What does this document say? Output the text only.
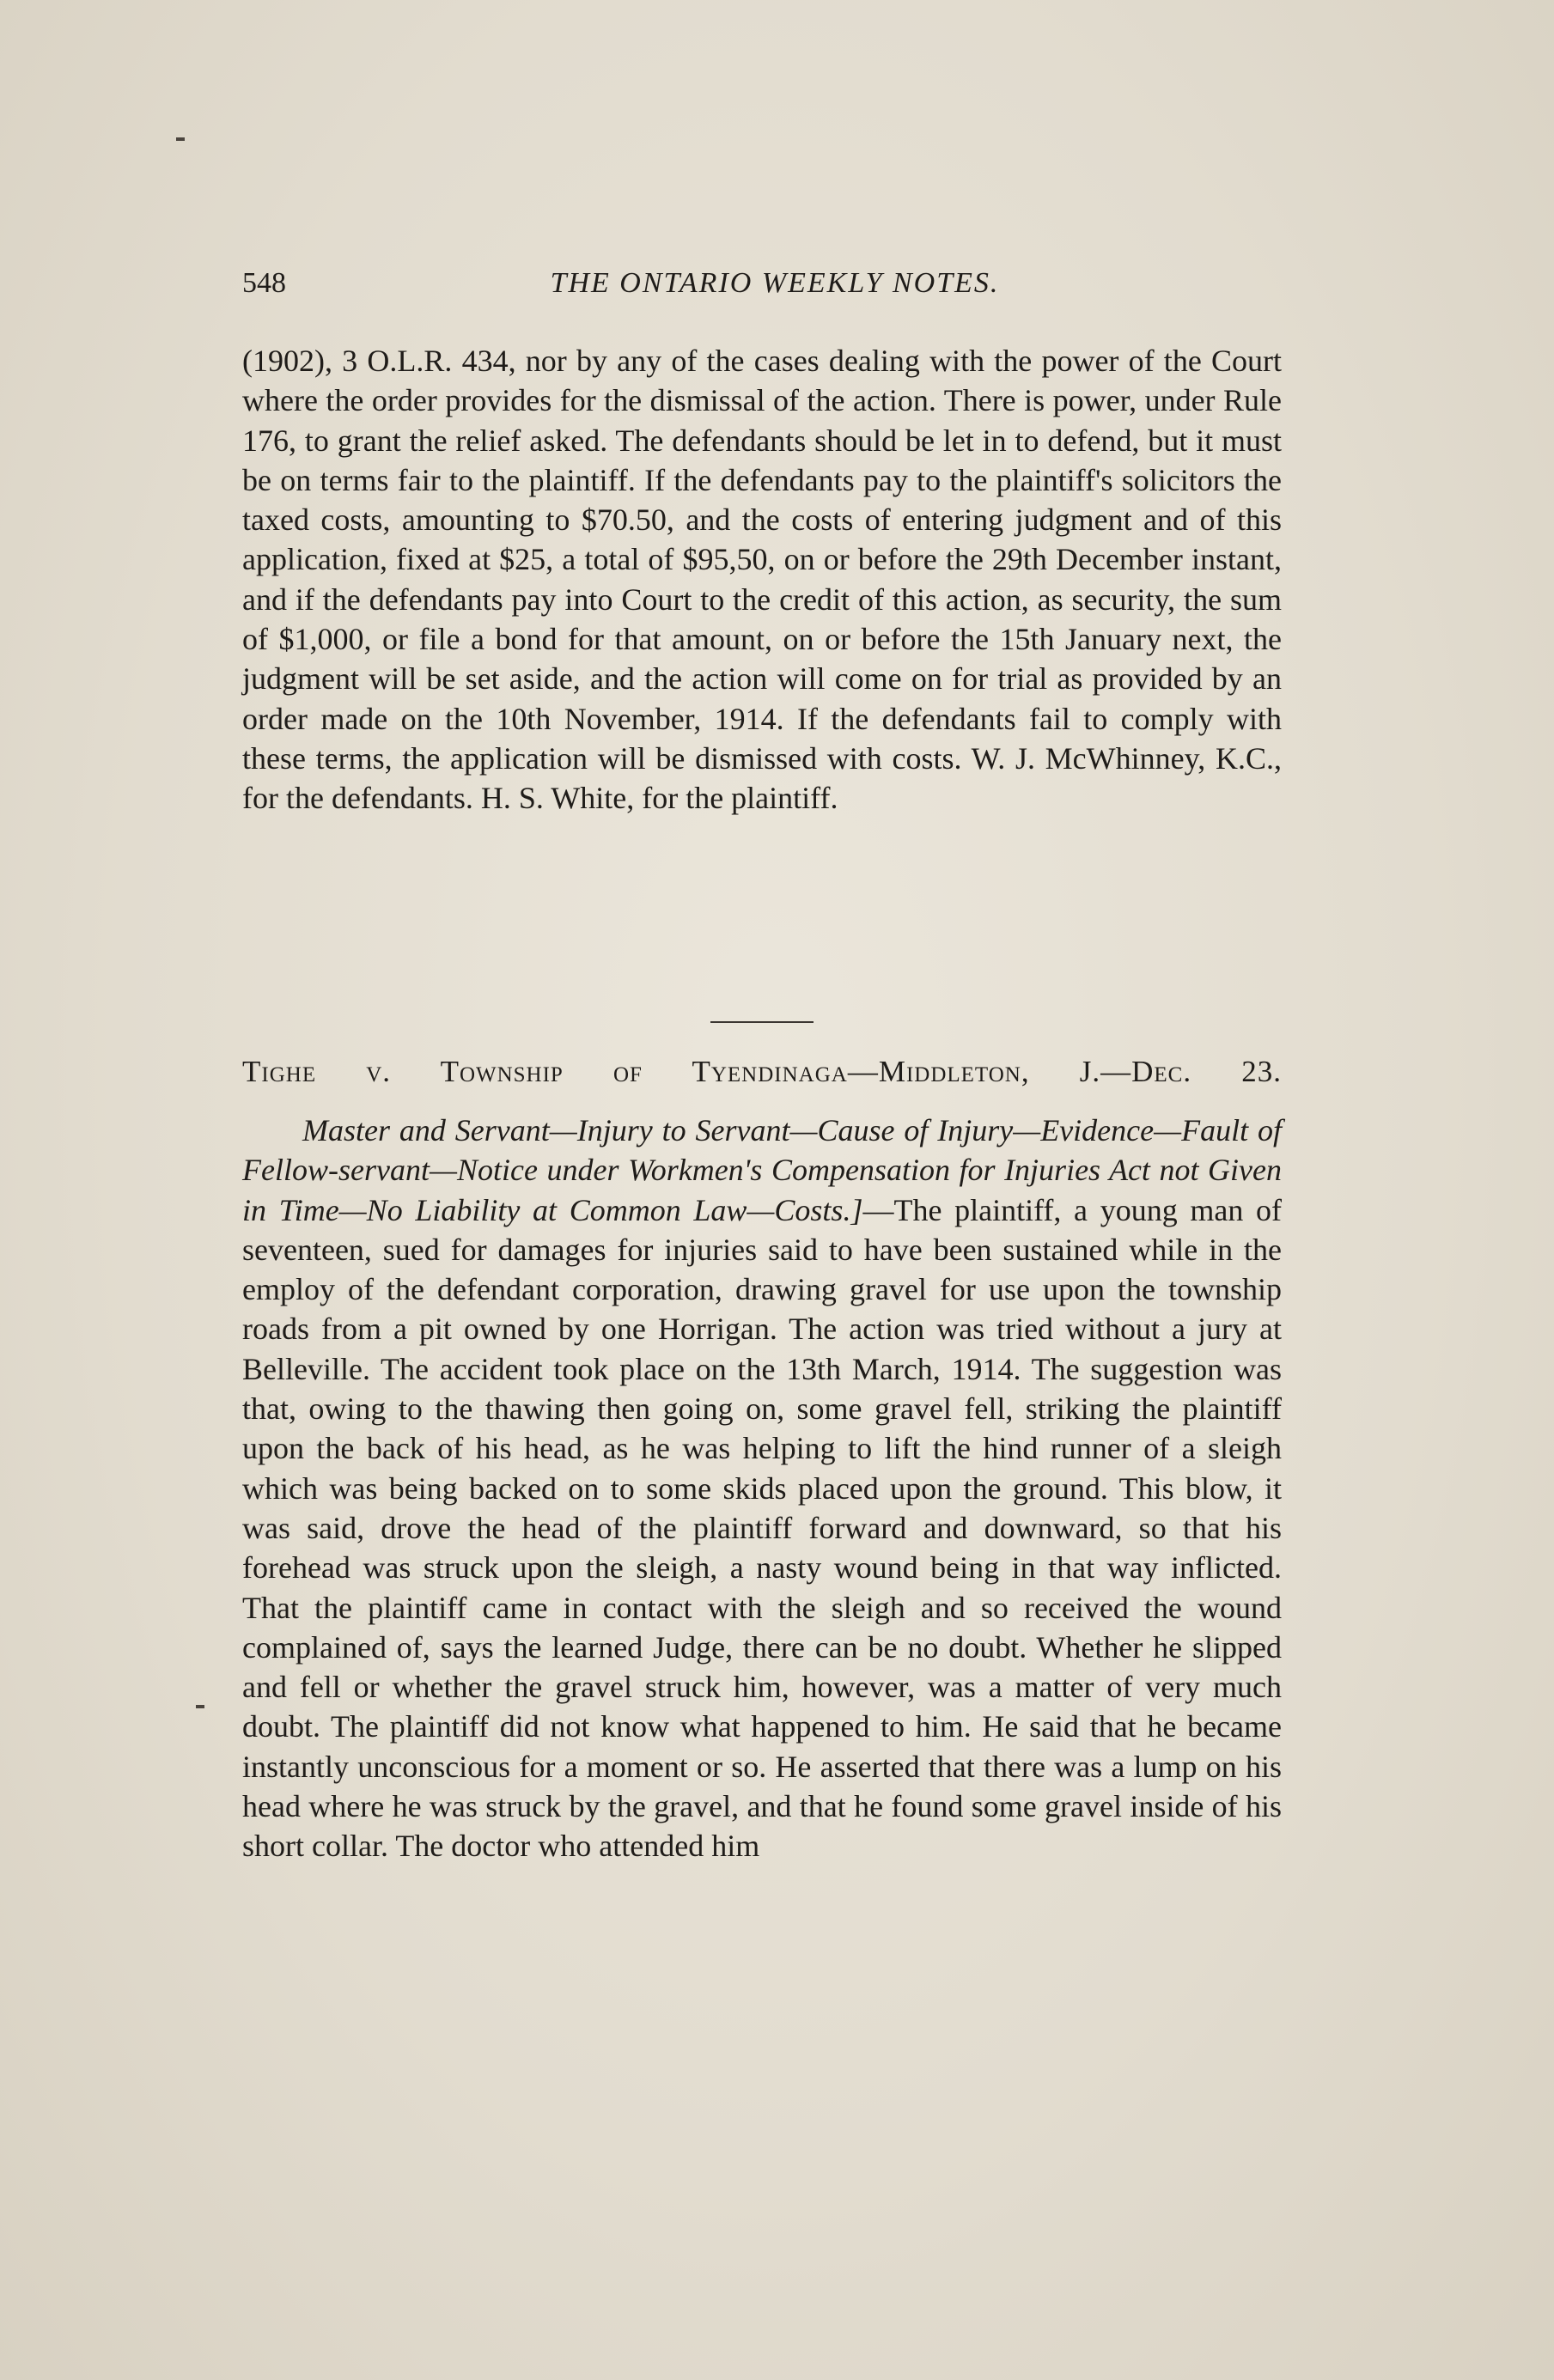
548	THE ONTARIO WEEKLY NOTES.

(1902), 3 O.L.R. 434, nor by any of the cases dealing with the power of the Court where the order provides for the dismissal of the action. There is power, under Rule 176, to grant the relief asked. The defendants should be let in to defend, but it must be on terms fair to the plaintiff. If the defendants pay to the plaintiff's solicitors the taxed costs, amounting to $70.50, and the costs of entering judgment and of this application, fixed at $25, a total of $95,50, on or before the 29th December instant, and if the defendants pay into Court to the credit of this action, as security, the sum of $1,000, or file a bond for that amount, on or before the 15th January next, the judgment will be set aside, and the action will come on for trial as provided by an order made on the 10th November, 1914. If the defendants fail to comply with these terms, the application will be dismissed with costs. W. J. McWhinney, K.C., for the defendants. H. S. White, for the plaintiff.

Tighe v. Township of Tyendinaga—Middleton, J.—Dec. 23.

Master and Servant—Injury to Servant—Cause of Injury—Evidence—Fault of Fellow-servant—Notice under Workmen's Compensation for Injuries Act not Given in Time—No Liability at Common Law—Costs.]—The plaintiff, a young man of seventeen, sued for damages for injuries said to have been sustained while in the employ of the defendant corporation, drawing gravel for use upon the township roads from a pit owned by one Horrigan. The action was tried without a jury at Belleville. The accident took place on the 13th March, 1914. The suggestion was that, owing to the thawing then going on, some gravel fell, striking the plaintiff upon the back of his head, as he was helping to lift the hind runner of a sleigh which was being backed on to some skids placed upon the ground. This blow, it was said, drove the head of the plaintiff forward and downward, so that his forehead was struck upon the sleigh, a nasty wound being in that way inflicted. That the plaintiff came in contact with the sleigh and so received the wound complained of, says the learned Judge, there can be no doubt. Whether he slipped and fell or whether the gravel struck him, however, was a matter of very much doubt. The plaintiff did not know what happened to him. He said that he became instantly unconscious for a moment or so. He asserted that there was a lump on his head where he was struck by the gravel, and that he found some gravel inside of his short collar. The doctor who attended him
